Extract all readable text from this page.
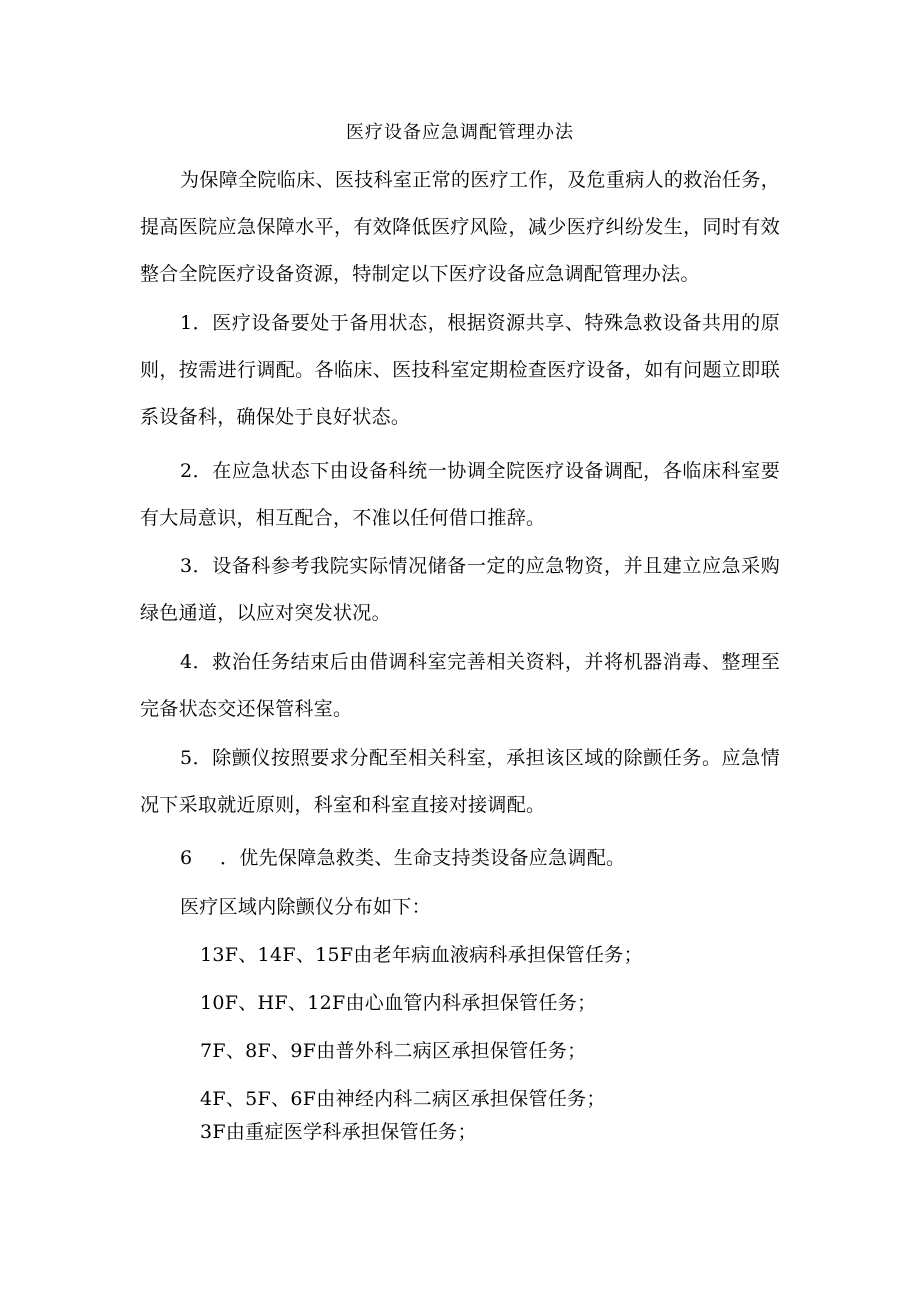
医疗设备应急调配管理办法

为保障全院临床、医技科室正常的医疗工作，及危重病人的救治任务，提高医院应急保障水平，有效降低医疗风险，减少医疗纠纷发生，同时有效整合全院医疗设备资源，特制定以下医疗设备应急调配管理办法。

1．医疗设备要处于备用状态，根据资源共享、特殊急救设备共用的原则，按需进行调配。各临床、医技科室定期检查医疗设备，如有问题立即联系设备科，确保处于良好状态。

2．在应急状态下由设备科统一协调全院医疗设备调配，各临床科室要有大局意识，相互配合，不准以任何借口推辞。

3．设备科参考我院实际情况储备一定的应急物资，并且建立应急采购绿色通道，以应对突发状况。

4．救治任务结束后由借调科室完善相关资料，并将机器消毒、整理至完备状态交还保管科室。

5．除颤仪按照要求分配至相关科室，承担该区域的除颤任务。应急情况下采取就近原则，科室和科室直接对接调配。

6 ．优先保障急救类、生命支持类设备应急调配。
医疗区域内除颤仪分布如下：
13F、14F、15F由老年病血液病科承担保管任务；
10F、HF、12F由心血管内科承担保管任务；
7F、8F、9F由普外科二病区承担保管任务；
4F、5F、6F由神经内科二病区承担保管任务；
3F由重症医学科承担保管任务；
